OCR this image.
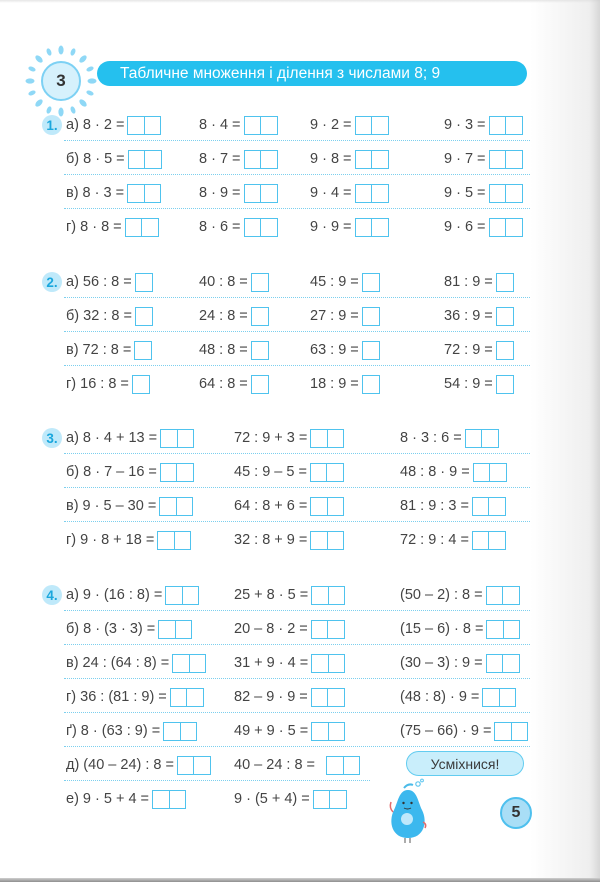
3	Табличне множення і ділення з числами 8; 9
1. а) 8 · 2 =	8 · 4 =	9 · 2 =	9 · 3 =
б) 8 · 5 =	8 · 7 =	9 · 8 =	9 · 7 =
в) 8 · 3 =	8 · 9 =	9 · 4 =	9 · 5 =
г) 8 · 8 =	8 · 6 =	9 · 9 =	9 · 6 =
2. а) 56 : 8 =	40 : 8 =	45 : 9 =	81 : 9 =
б) 32 : 8 =	24 : 8 =	27 : 9 =	36 : 9 =
в) 72 : 8 =	48 : 8 =	63 : 9 =	72 : 9 =
г) 16 : 8 =	64 : 8 =	18 : 9 =	54 : 9 =
3. а) 8 · 4 + 13 =	72 : 9 + 3 =	8 · 3 : 6 =
б) 8 · 7 – 16 =	45 : 9 – 5 =	48 : 8 · 9 =
в) 9 · 5 – 30 =	64 : 8 + 6 =	81 : 9 : 3 =
г) 9 · 8 + 18 =	32 : 8 + 9 =	72 : 9 : 4 =
4. а) 9 · (16 : 8) =	25 + 8 · 5 =	(50 – 2) : 8 =
б) 8 · (3 · 3) =	20 – 8 · 2 =	(15 – 6) · 8 =
в) 24 : (64 : 8) =	31 + 9 · 4 =	(30 – 3) : 9 =
г) 36 : (81 : 9) =	82 – 9 · 9 =	(48 : 8) · 9 =
ґ) 8 · (63 : 9) =	49 + 9 · 5 =	(75 – 66) · 9 =
д) (40 – 24) : 8 =	40 – 24 : 8 =
е) 9 · 5 + 4 =	9 · (5 + 4) =
Усміхнися!
5
